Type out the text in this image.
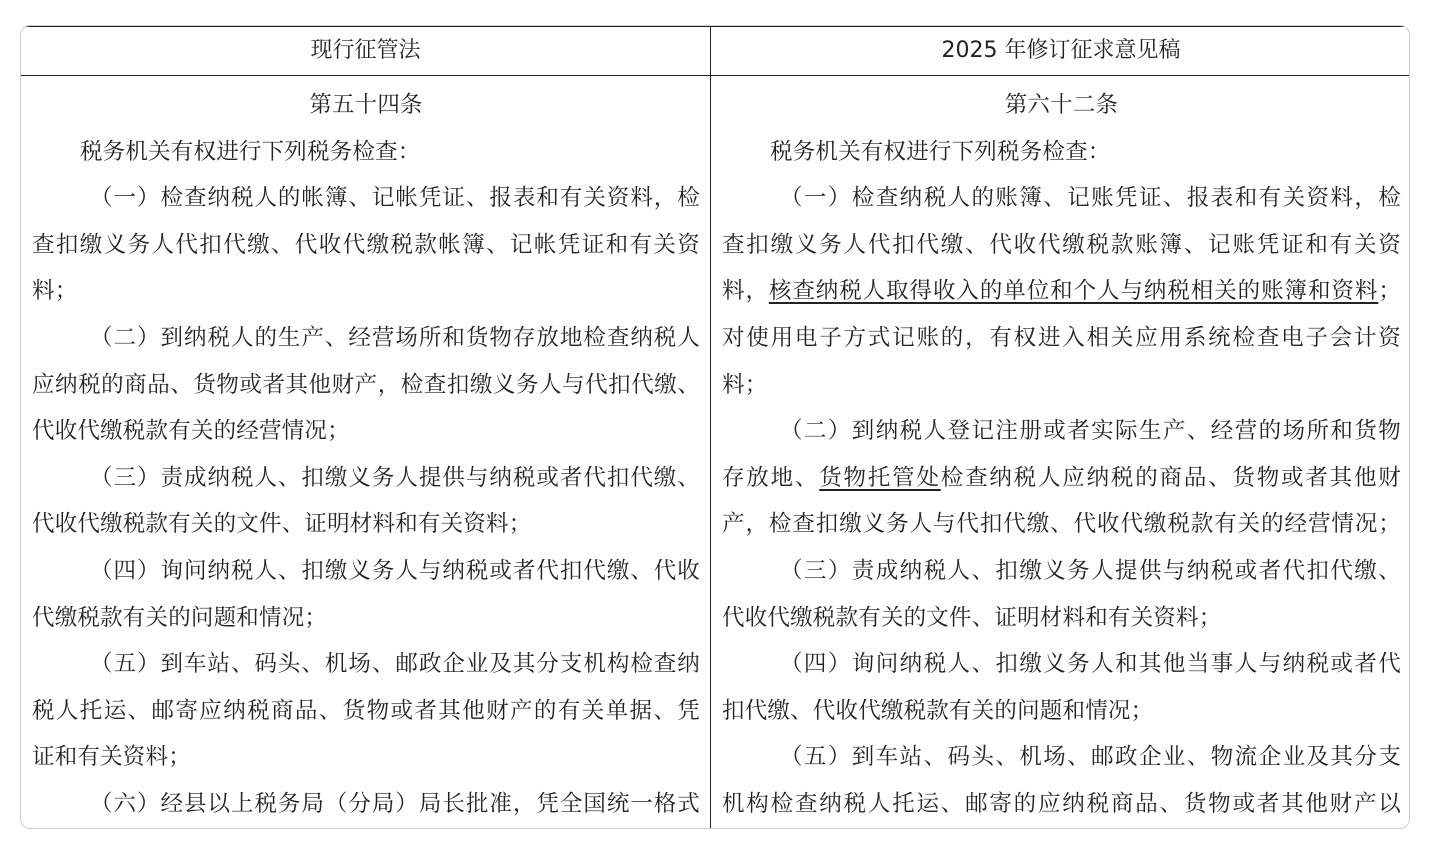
现行征管法
第五十四条
税务机关有权进行下列税务检查：
（一）检查纳税人的帐簿、记帐凭证、报表和有关资料，检
查扣缴义务人代扣代缴、代收代缴税款帐簿、记帐凭证和有关资
料；
（二）到纳税人的生产、经营场所和货物存放地检查纳税人
应纳税的商品、货物或者其他财产，检查扣缴义务人与代扣代缴、
代收代缴税款有关的经营情况；
（三）责成纳税人、扣缴义务人提供与纳税或者代扣代缴、
代收代缴税款有关的文件、证明材料和有关资料；
（四）询问纳税人、扣缴义务人与纳税或者代扣代缴、代收
代缴税款有关的问题和情况；
（五）到车站、码头、机场、邮政企业及其分支机构检查纳
税人托运、邮寄应纳税商品、货物或者其他财产的有关单据、凭
证和有关资料；
（六）经县以上税务局（分局）局长批准，凭全国统一格式
2025 年修订征求意见稿
第六十二条
税务机关有权进行下列税务检查：
（一）检查纳税人的账簿、记账凭证、报表和有关资料，检
查扣缴义务人代扣代缴、代收代缴税款账簿、记账凭证和有关资
料，核查纳税人取得收入的单位和个人与纳税相关的账簿和资料；
对使用电子方式记账的，有权进入相关应用系统检查电子会计资
料；
（二）到纳税人登记注册或者实际生产、经营的场所和货物
存放地、货物托管处检查纳税人应纳税的商品、货物或者其他财
产，检查扣缴义务人与代扣代缴、代收代缴税款有关的经营情况；
（三）责成纳税人、扣缴义务人提供与纳税或者代扣代缴、
代收代缴税款有关的文件、证明材料和有关资料；
（四）询问纳税人、扣缴义务人和其他当事人与纳税或者代
扣代缴、代收代缴税款有关的问题和情况；
（五）到车站、码头、机场、邮政企业、物流企业及其分支
机构检查纳税人托运、邮寄的应纳税商品、货物或者其他财产以
